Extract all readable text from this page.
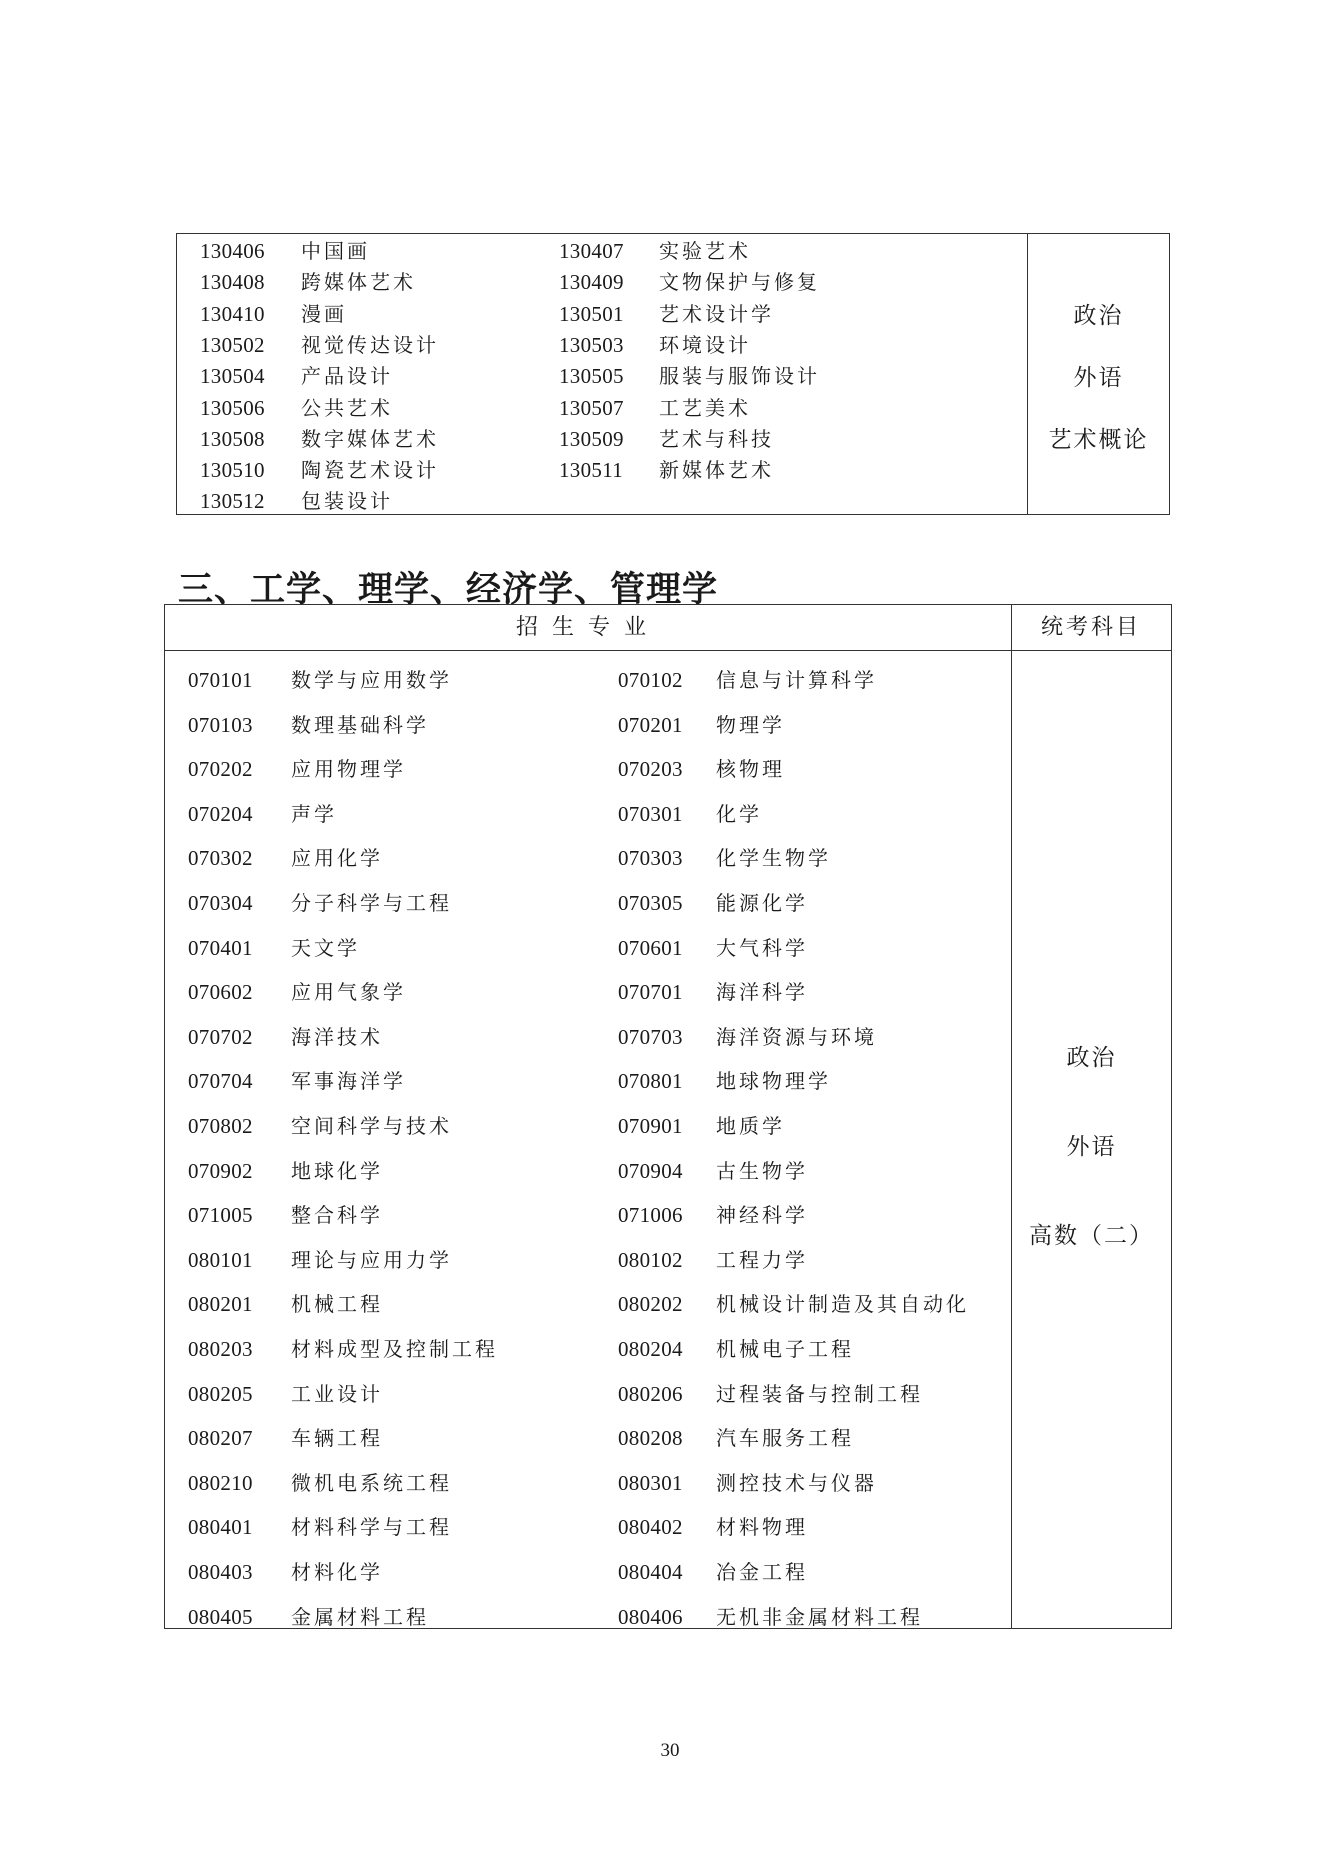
130406 中国画	130407 实验艺术
130408 跨媒体艺术	130409 文物保护与修复
130410 漫画	130501 艺术设计学
130502 视觉传达设计	130503 环境设计
130504 产品设计	130505 服装与服饰设计
130506 公共艺术	130507 工艺美术
130508 数字媒体艺术	130509 艺术与科技
130510 陶瓷艺术设计	130511 新媒体艺术
130512 包装设计
政治
外语
艺术概论
三、工学、理学、经济学、管理学
招生专业	统考科目
070101 数学与应用数学	070102 信息与计算科学
070103 数理基础科学	070201 物理学
070202 应用物理学	070203 核物理
070204 声学	070301 化学
070302 应用化学	070303 化学生物学
070304 分子科学与工程	070305 能源化学
070401 天文学	070601 大气科学
070602 应用气象学	070701 海洋科学
070702 海洋技术	070703 海洋资源与环境
070704 军事海洋学	070801 地球物理学
070802 空间科学与技术	070901 地质学
070902 地球化学	070904 古生物学
071005 整合科学	071006 神经科学
080101 理论与应用力学	080102 工程力学
080201 机械工程	080202 机械设计制造及其自动化
080203 材料成型及控制工程	080204 机械电子工程
080205 工业设计	080206 过程装备与控制工程
080207 车辆工程	080208 汽车服务工程
080210 微机电系统工程	080301 测控技术与仪器
080401 材料科学与工程	080402 材料物理
080403 材料化学	080404 冶金工程
080405 金属材料工程	080406 无机非金属材料工程
政治
外语
高数（二）
30
